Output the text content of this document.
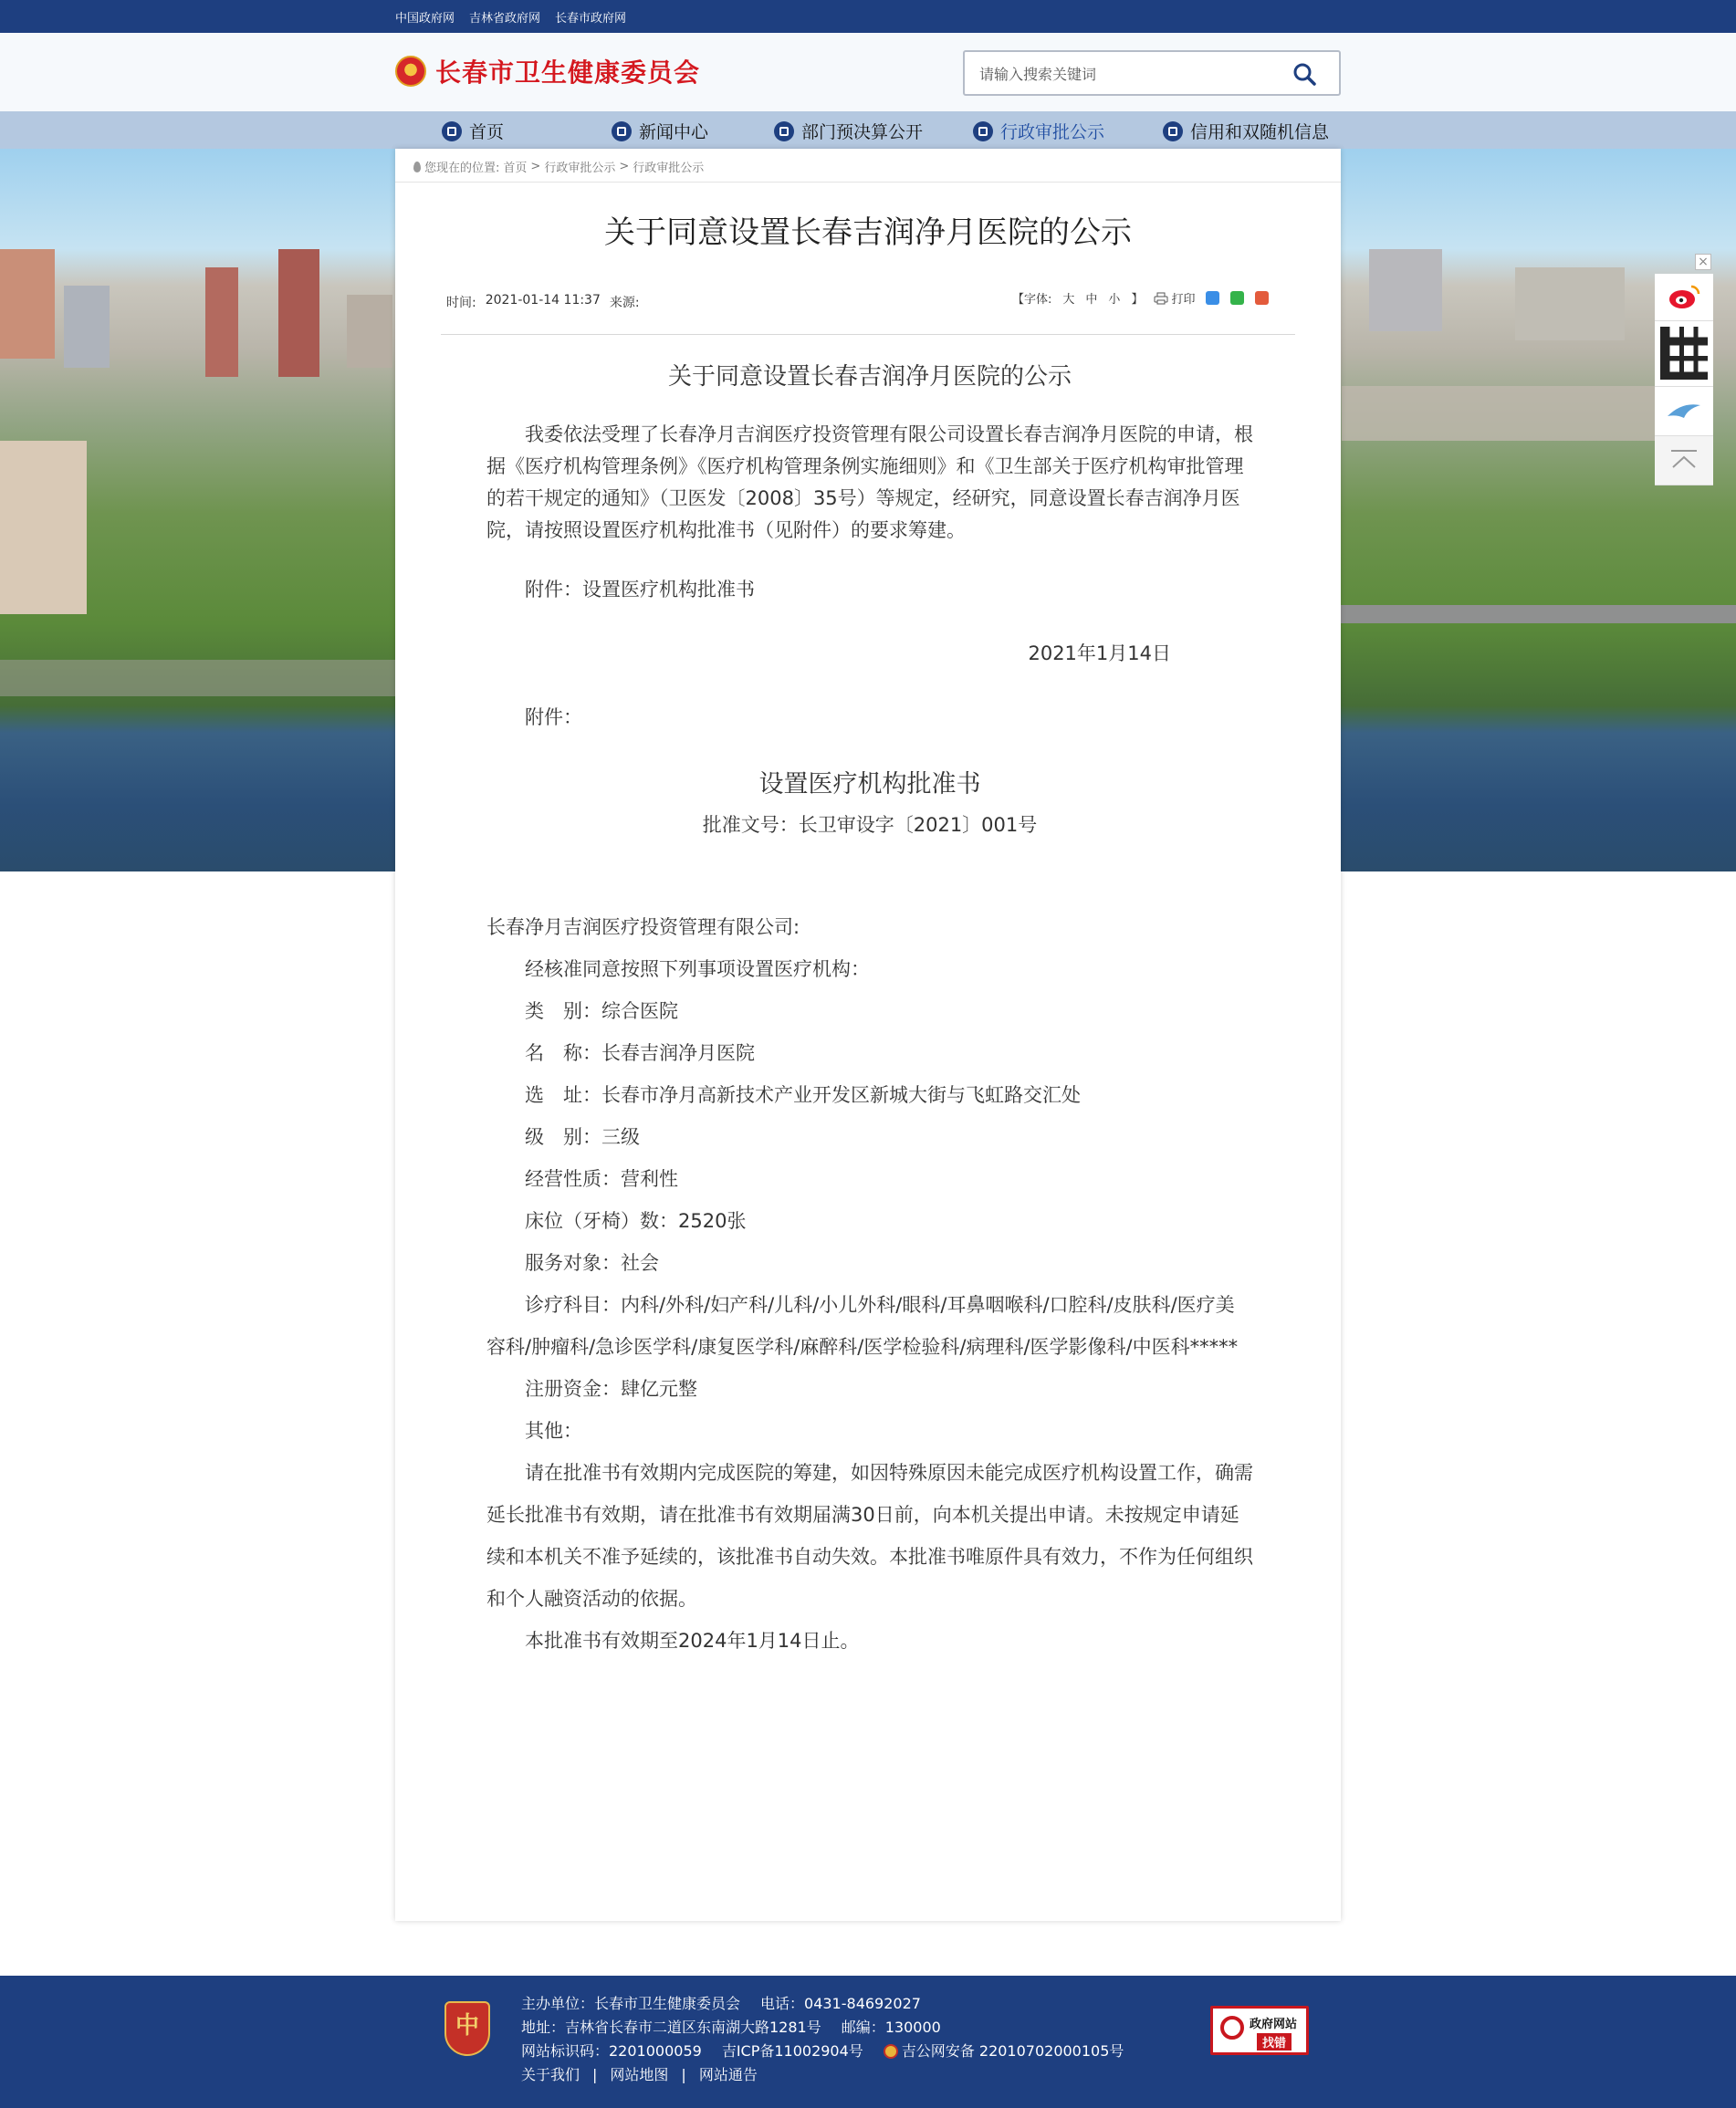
中国政府网 吉林省政府网 长春市政府网
长春市卫生健康委员会
请输入搜索关键词
首页	新闻中心	部门预决算公开	行政审批公示	信用和双随机信息
您现在的位置: 首页 > 行政审批公示 > 行政审批公示
关于同意设置长春吉润净月医院的公示
时间: 2021-01-14 11:37 来源:	【字体: 大 中 小 】 打印
关于同意设置长春吉润净月医院的公示

我委依法受理了长春净月吉润医疗投资管理有限公司设置长春吉润净月医院的申请，根据《医疗机构管理条例》《医疗机构管理条例实施细则》和《卫生部关于医疗机构审批管理的若干规定的通知》（卫医发〔2008〕35号）等规定，经研究，同意设置长春吉润净月医院，请按照设置医疗机构批准书（见附件）的要求筹建。

附件：设置医疗机构批准书

2021年1月14日

附件：

设置医疗机构批准书
批准文号：长卫审设字〔2021〕001号

长春净月吉润医疗投资管理有限公司:

经核准同意按照下列事项设置医疗机构：

类　别：综合医院

名　称：长春吉润净月医院

选　址：长春市净月高新技术产业开发区新城大街与飞虹路交汇处

级　别：三级

经营性质：营利性

床位（牙椅）数：2520张

服务对象：社会

诊疗科目：内科/外科/妇产科/儿科/小儿外科/眼科/耳鼻咽喉科/口腔科/皮肤科/医疗美容科/肿瘤科/急诊医学科/康复医学科/麻醉科/医学检验科/病理科/医学影像科/中医科*****

注册资金：肆亿元整

其他：

请在批准书有效期内完成医院的筹建，如因特殊原因未能完成医疗机构设置工作，确需延长批准书有效期，请在批准书有效期届满30日前，向本机关提出申请。未按规定申请延续和本机关不准予延续的，该批准书自动失效。本批准书唯原件具有效力，不作为任何组织和个人融资活动的依据。

本批准书有效期至2024年1月14日止。

×
中
主办单位：长春市卫生健康委员会 电话：0431-84692027
地址：吉林省长春市二道区东南湖大路1281号 邮编：130000
网站标识码：2201000059 吉ICP备11002904号	吉公网安备 22010702000105号
关于我们 | 网站地图 | 网站通告
政府网站
找错
